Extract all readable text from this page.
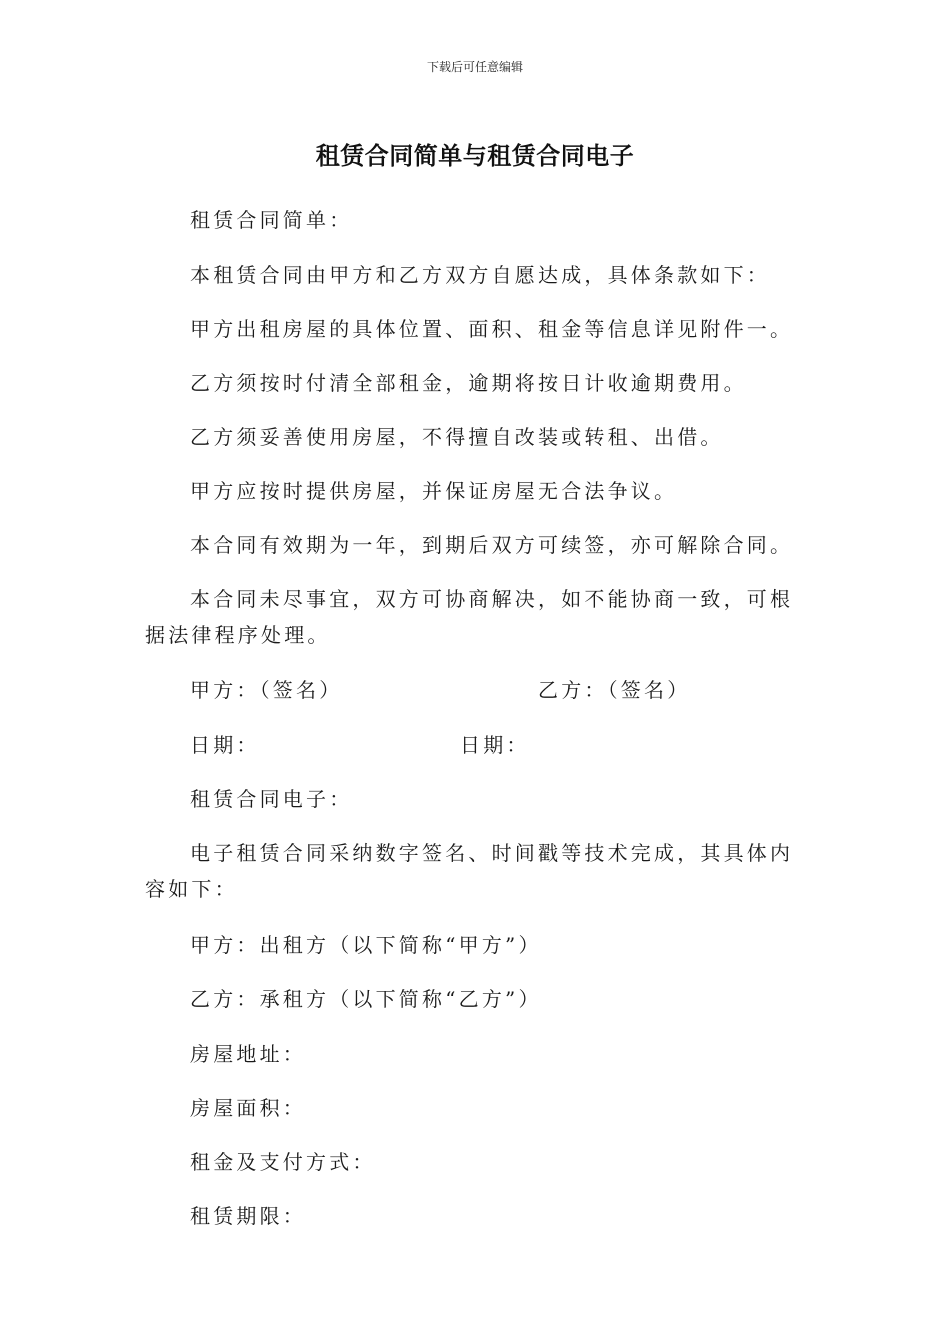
下载后可任意编辑
租赁合同简单与租赁合同电子
租赁合同简单：
本租赁合同由甲方和乙方双方自愿达成，具体条款如下：
甲方出租房屋的具体位置、面积、租金等信息详见附件一。
乙方须按时付清全部租金，逾期将按日计收逾期费用。
乙方须妥善使用房屋，不得擅自改装或转租、出借。
甲方应按时提供房屋，并保证房屋无合法争议。
本合同有效期为一年，到期后双方可续签，亦可解除合同。
本合同未尽事宜，双方可协商解决，如不能协商一致，可根据法律程序处理。
甲方：（签名）	乙方：（签名）
日期：	日期：
租赁合同电子：
电子租赁合同采纳数字签名、时间戳等技术完成，其具体内容如下：
甲方：出租方（以下简称“甲方”）
乙方：承租方（以下简称“乙方”）
房屋地址：
房屋面积：
租金及支付方式：
租赁期限：
